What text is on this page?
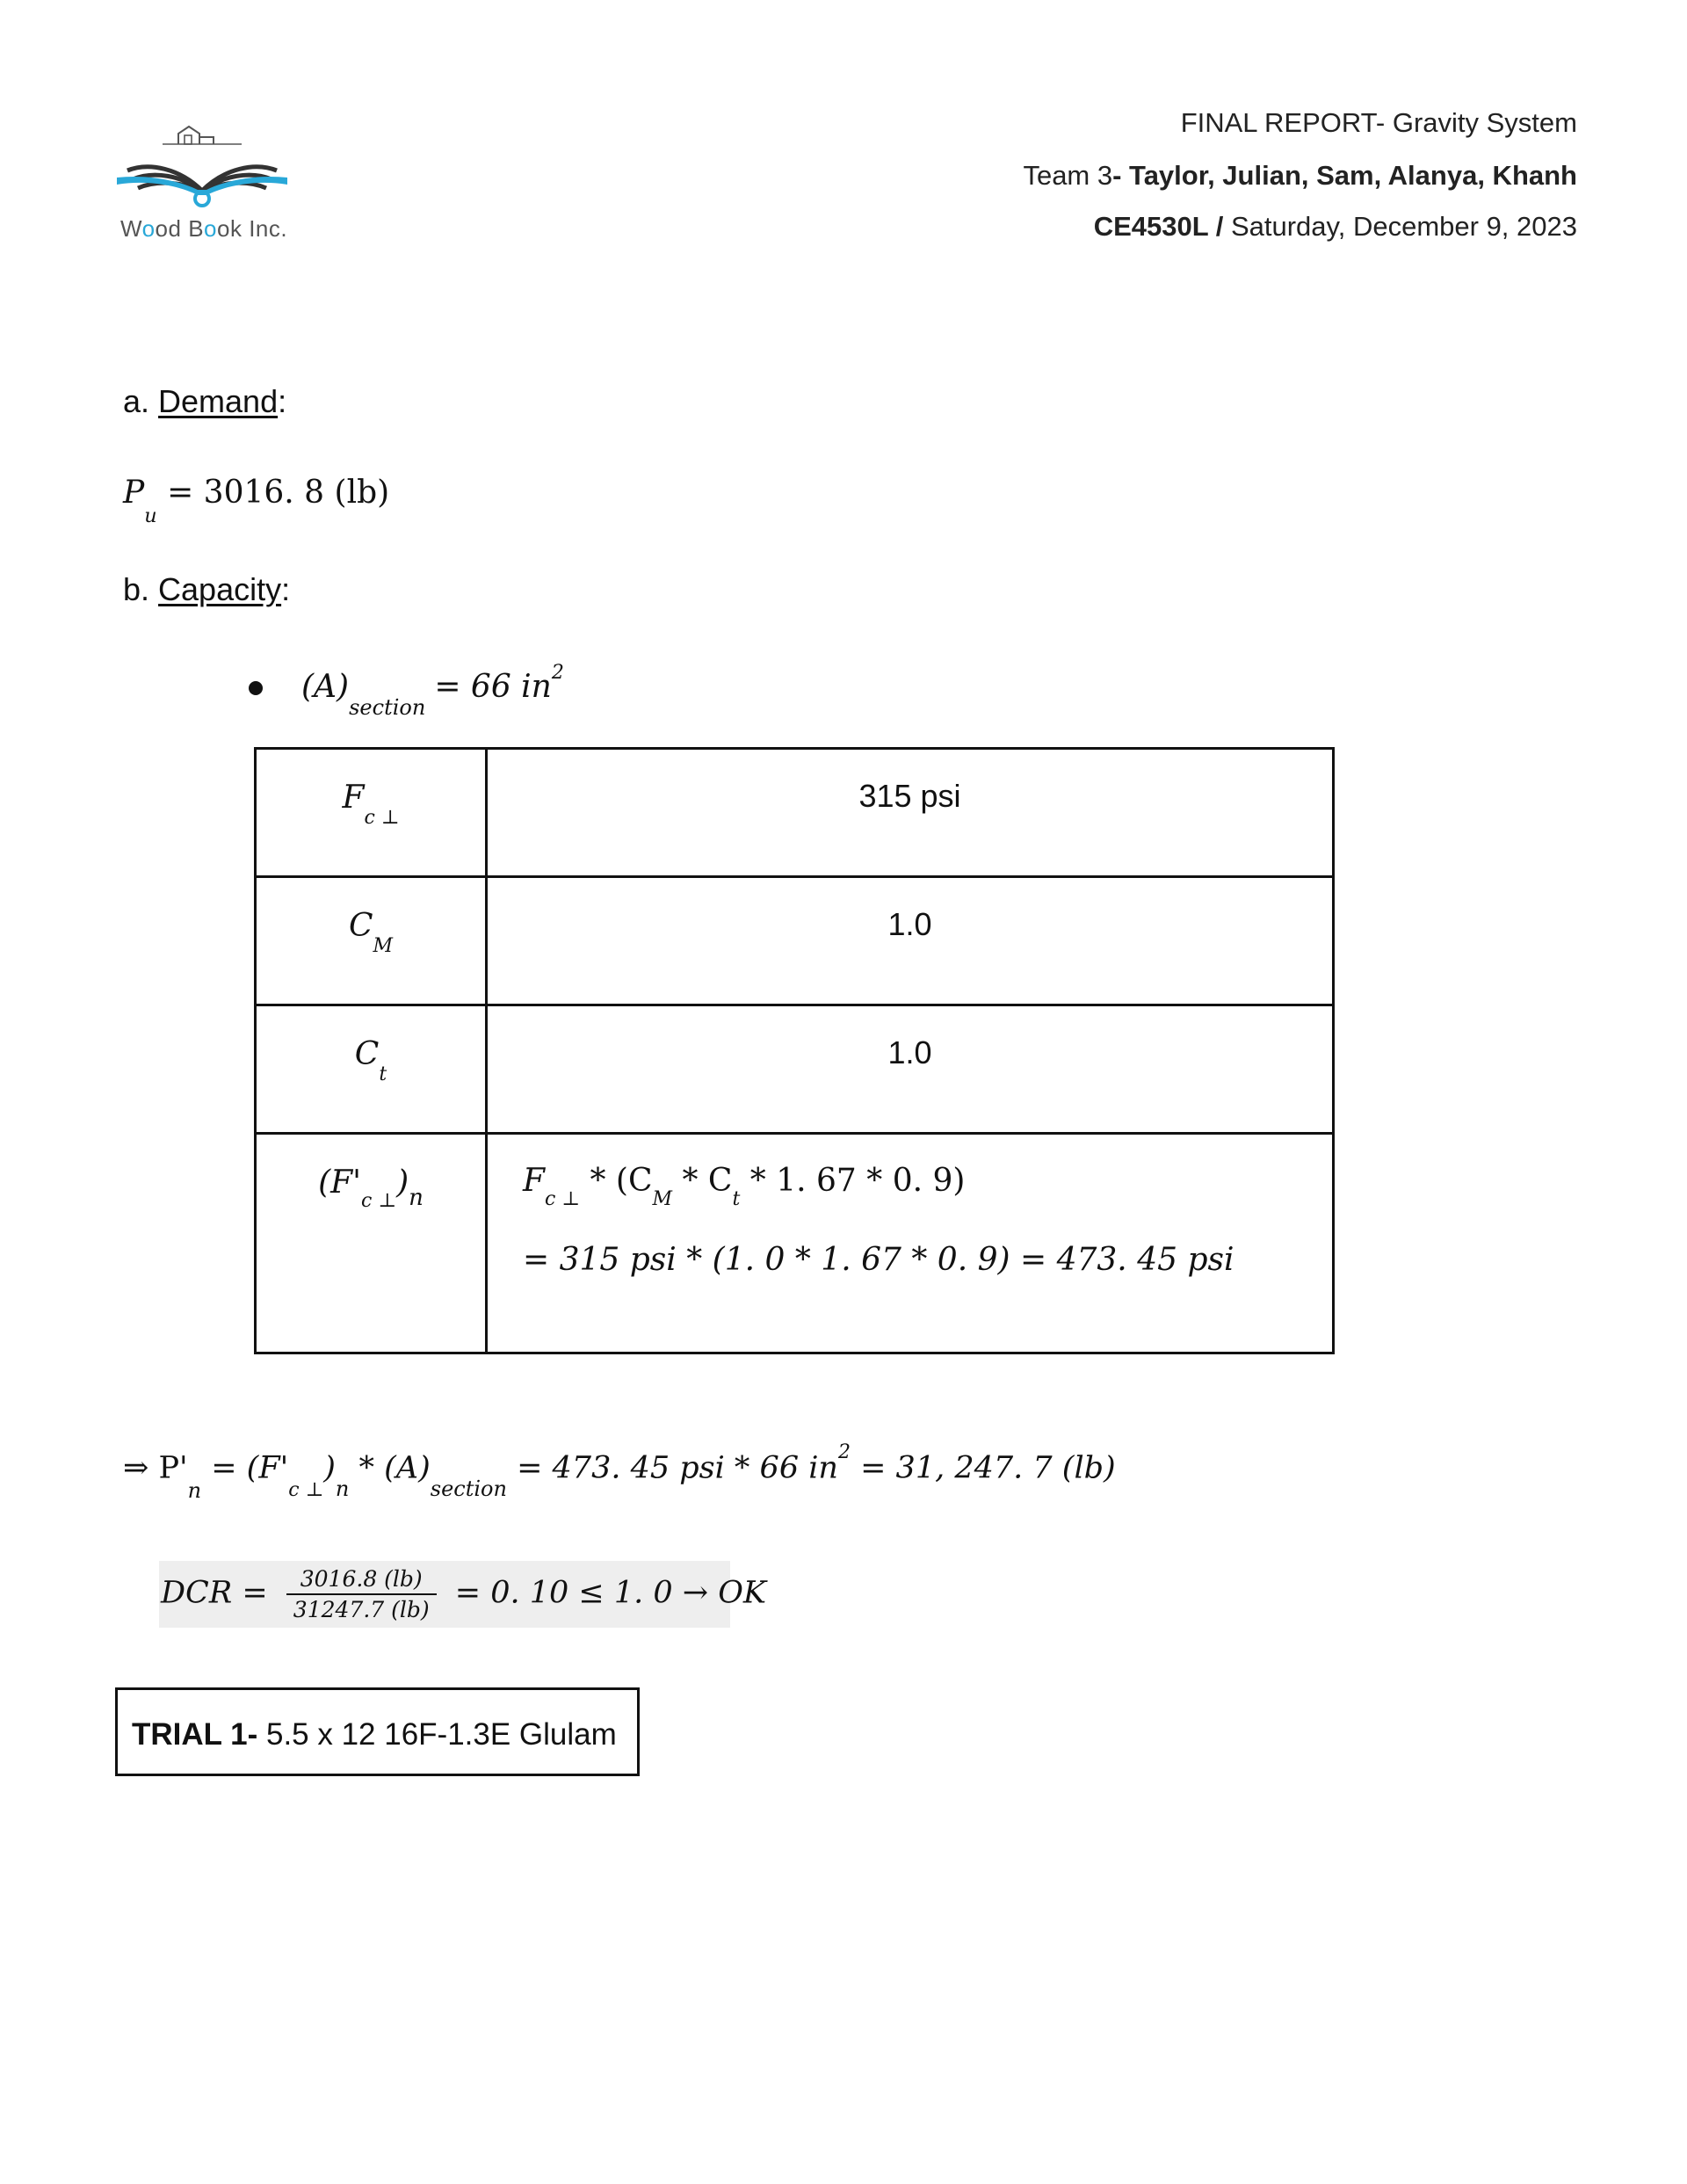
Wood Book Inc.
FINAL REPORT- Gravity System
Team 3- Taylor, Julian, Sam, Alanya, Khanh
CE4530L / Saturday, December 9, 2023
a. Demand:
$P_u = 3016$. 8 (lb)
b. Capacity:
$(A)_{section} = 66$ $in^2$
$F_{c \perp}$	315 psi
$C_M$	1.0
$C_t$	1.0
$(F'_{c \perp})_n$	$F_{c \perp} * (C_M * C_t * 1$. 67 * 0. 9)
= 315 psi * (1. 0 * 1. 67 * 0. 9) = 473. 45 psi
⇒ $P'_n = (F'_{c \perp})_n * (A)_{section} = 473$. 45 psi * 66 $in^2 = 31$, 247. 7 (lb)
DCR = $\frac{3016.8 (lb)}{31247.7 (lb)} = 0$. 10 ≤ 1. 0 → OK
TRIAL 1- 5.5 x 12 16F-1.3E Glulam
